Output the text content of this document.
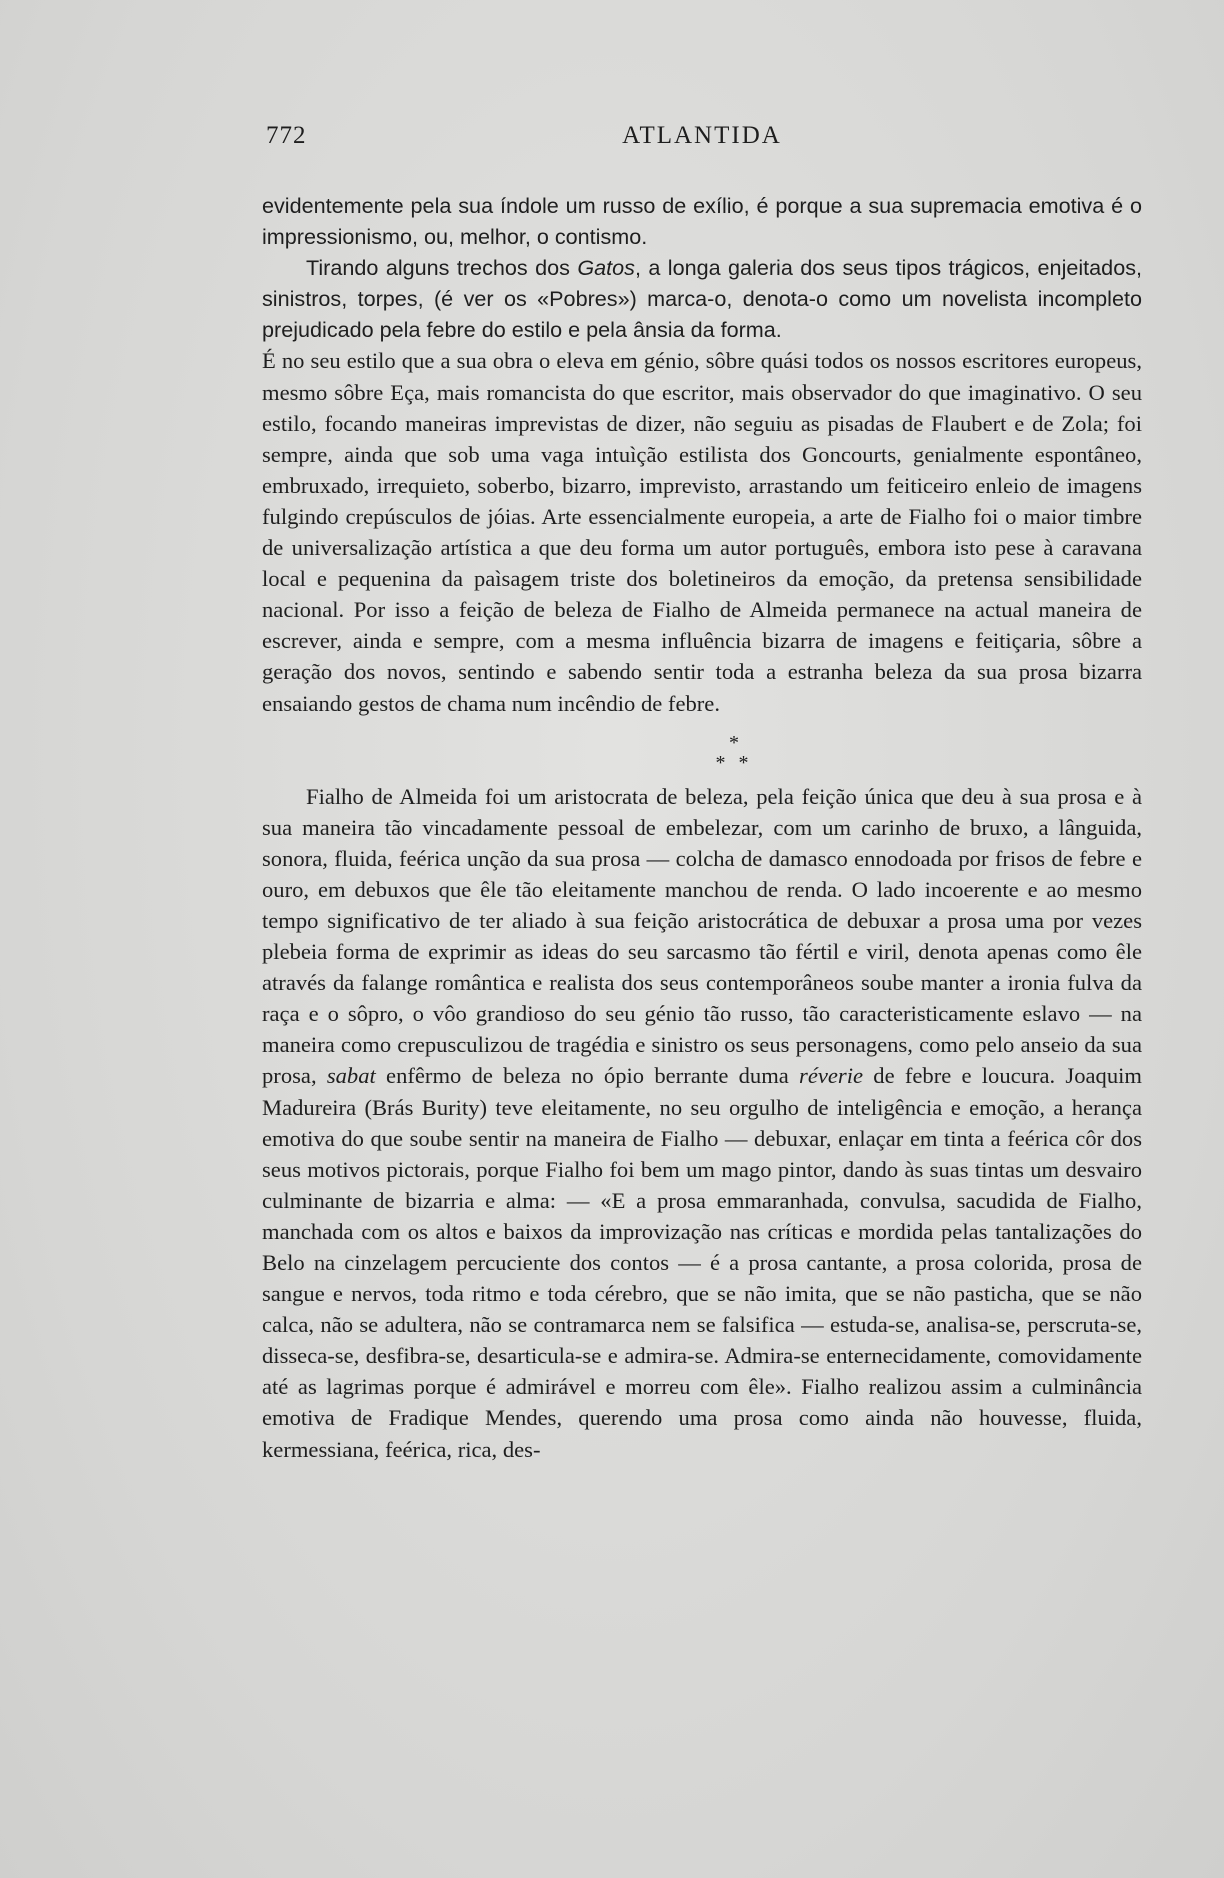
772	ATLANTIDA

evidentemente pela sua índole um russo de exílio, é porque a sua supremacia emotiva é o impressionismo, ou, melhor, o contismo.

Tirando alguns trechos dos Gatos, a longa galeria dos seus tipos trágicos, enjeitados, sinistros, torpes, (é ver os «Pobres») marca-o, denota-o como um novelista incompleto prejudicado pela febre do estilo e pela ânsia da forma.

É no seu estilo que a sua obra o eleva em génio, sôbre quási todos os nossos escritores europeus, mesmo sôbre Eça, mais romancista do que escritor, mais observador do que imaginativo. O seu estilo, focando maneiras imprevistas de dizer, não seguiu as pisadas de Flaubert e de Zola; foi sempre, ainda que sob uma vaga intuìção estilista dos Goncourts, genialmente espontâneo, embruxado, irrequieto, soberbo, bizarro, imprevisto, arrastando um feiticeiro enleio de imagens fulgindo crepúsculos de jóias. Arte essencialmente europeia, a arte de Fialho foi o maior timbre de universalização artística a que deu forma um autor português, embora isto pese à caravana local e pequenina da paìsagem triste dos boletineiros da emoção, da pretensa sensibilidade nacional. Por isso a feição de beleza de Fialho de Almeida permanece na actual maneira de escrever, ainda e sempre, com a mesma influência bizarra de imagens e feitiçaria, sôbre a geração dos novos, sentindo e sabendo sentir toda a estranha beleza da sua prosa bizarra ensaiando gestos de chama num incêndio de febre.

*
* *

Fialho de Almeida foi um aristocrata de beleza, pela feição única que deu à sua prosa e à sua maneira tão vincadamente pessoal de embelezar, com um carinho de bruxo, a lânguida, sonora, fluida, feérica unção da sua prosa — colcha de damasco ennodoada por frisos de febre e ouro, em debuxos que êle tão eleitamente manchou de renda. O lado incoerente e ao mesmo tempo significativo de ter aliado à sua feição aristocrática de debuxar a prosa uma por vezes plebeia forma de exprimir as ideas do seu sarcasmo tão fértil e viril, denota apenas como êle através da falange romântica e realista dos seus contemporâneos soube manter a ironia fulva da raça e o sôpro, o vôo grandioso do seu génio tão russo, tão caracteristicamente eslavo — na maneira como crepusculizou de tragédia e sinistro os seus personagens, como pelo anseio da sua prosa, sabat enfêrmo de beleza no ópio berrante duma réverie de febre e loucura. Joaquim Madureira (Brás Burity) teve eleitamente, no seu orgulho de inteligência e emoção, a herança emotiva do que soube sentir na maneira de Fialho — debuxar, enlaçar em tinta a feérica côr dos seus motivos pictorais, porque Fialho foi bem um mago pintor, dando às suas tintas um desvairo culminante de bizarria e alma: — «E a prosa emmaranhada, convulsa, sacudida de Fialho, manchada com os altos e baixos da improvização nas críticas e mordida pelas tantalizações do Belo na cinzelagem percuciente dos contos — é a prosa cantante, a prosa colorida, prosa de sangue e nervos, toda ritmo e toda cérebro, que se não imita, que se não pasticha, que se não calca, não se adultera, não se contramarca nem se falsifica — estuda-se, analisa-se, perscruta-se, disseca-se, desfibra-se, desarticula-se e admira-se. Admira-se enternecidamente, comovidamente até as lagrimas porque é admirável e morreu com êle». Fialho realizou assim a culminância emotiva de Fradique Mendes, querendo uma prosa como ainda não houvesse, fluida, kermessiana, feérica, rica, des-
